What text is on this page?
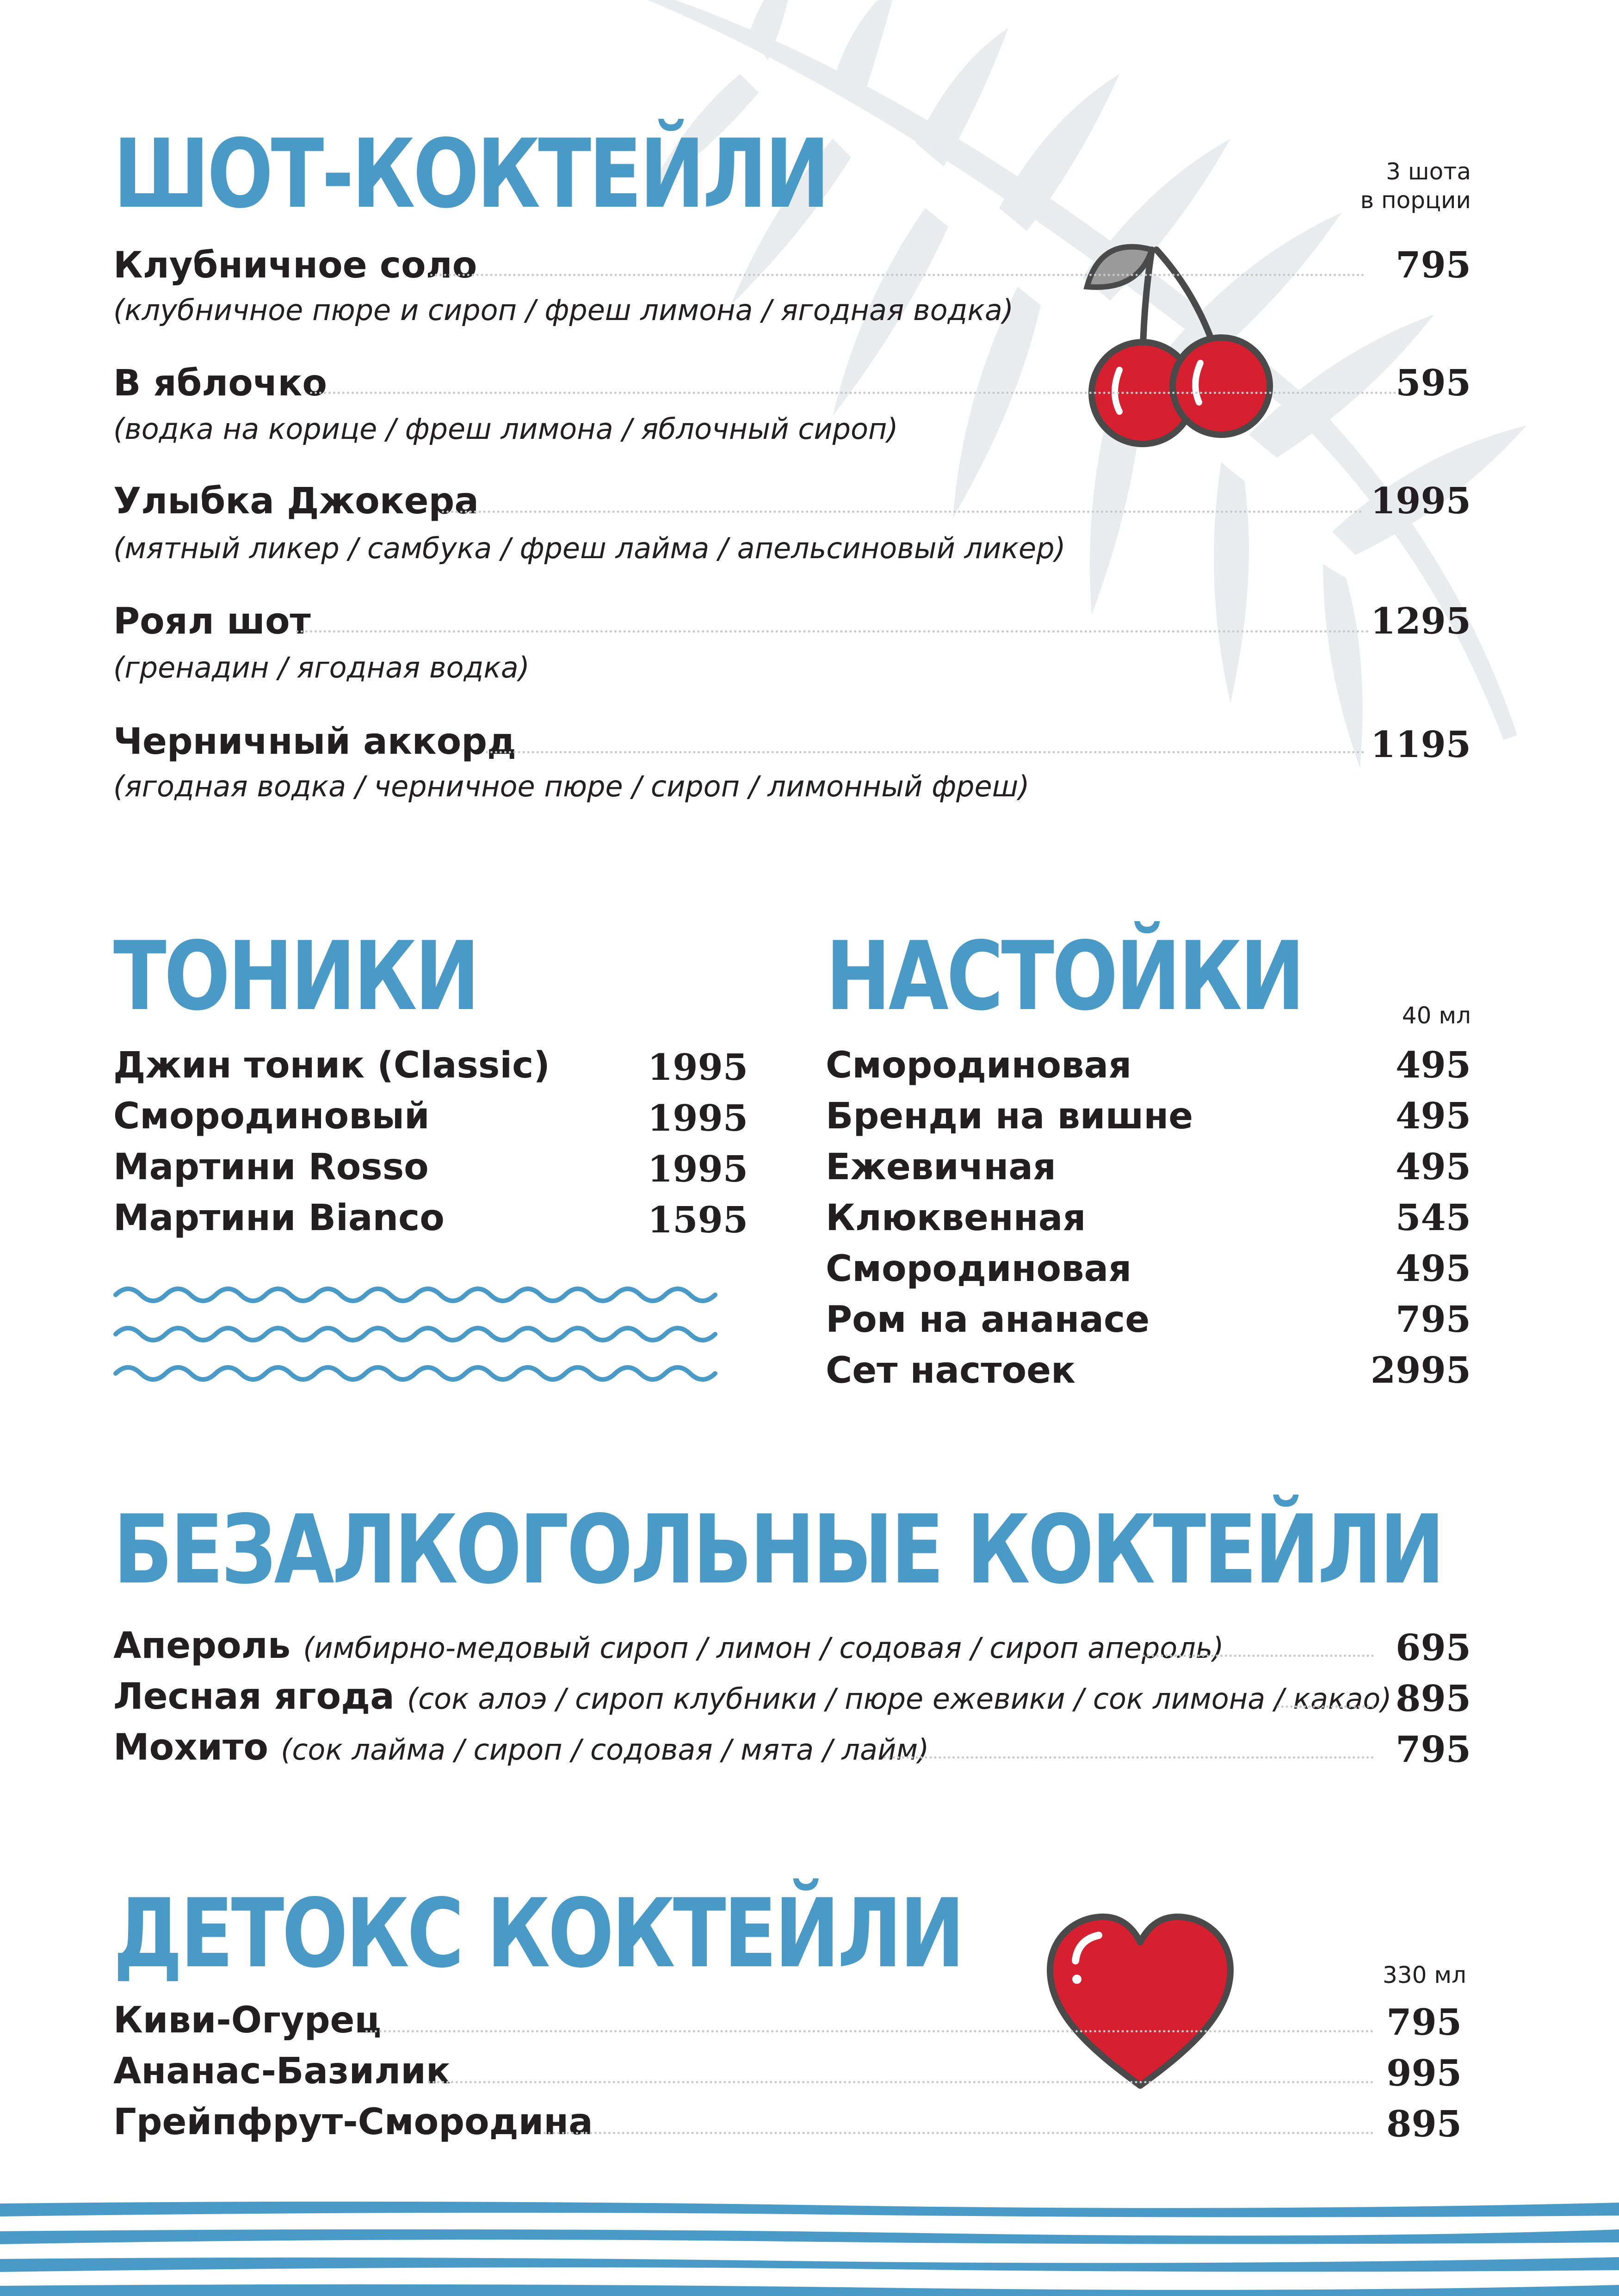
ШОТ-КОКТЕЙЛИ	3 шота
в порции
Клубничное соло	795
(клубничное пюре и сироп / фреш лимона / ягодная водка)
В яблочко	595
(водка на корице / фреш лимона / яблочный сироп)
Улыбка Джокера	1995
(мятный ликер / самбука / фреш лайма / апельсиновый ликер)
Роял шот	1295
(гренадин / ягодная водка)
Черничный аккорд	1195
(ягодная водка / черничное пюре / сироп / лимонный фреш)
ТОНИКИ
Джин тоник (Classic)	1995
Смородиновый	1995
Мартини Rosso	1995
Мартини Bianco	1595
НАСТОЙКИ	40 мл
Смородиновая	495
Бренди на вишне	495
Ежевичная	495
Клюквенная	545
Смородиновая	495
Ром на ананасе	795
Сет настоек	2995
БЕЗАЛКОГОЛЬНЫЕ КОКТЕЙЛИ
Апероль (имбирно-медовый сироп / лимон / содовая / сироп апероль)	695
Лесная ягода (сок алоэ / сироп клубники / пюре ежевики / сок лимона / какао) 895
Мохито (сок лайма / сироп / содовая / мята / лайм)	795
ДЕТОКС КОКТЕЙЛИ	330 мл
Киви-Огурец	795
Ананас-Базилик	995
Грейпфрут-Смородина	895
